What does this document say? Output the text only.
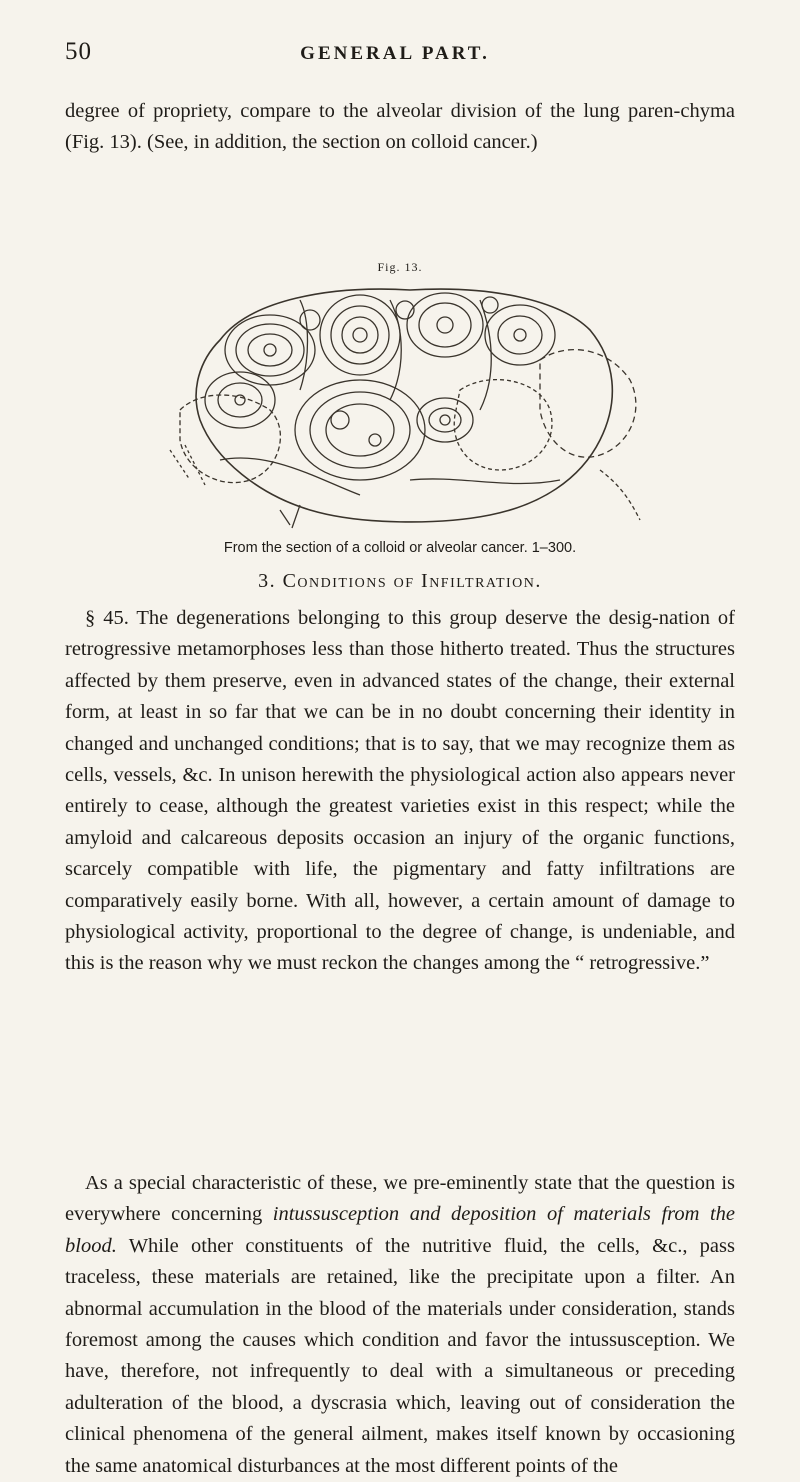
50	GENERAL PART.

degree of propriety, compare to the alveolar division of the lung paren-chyma (Fig. 13). (See, in addition, the section on colloid cancer.)

Fig. 13.
From the section of a colloid or alveolar cancer. 1–300.
3. Conditions of Infiltration.

§ 45. The degenerations belonging to this group deserve the desig-nation of retrogressive metamorphoses less than those hitherto treated. Thus the structures affected by them preserve, even in advanced states of the change, their external form, at least in so far that we can be in no doubt concerning their identity in changed and unchanged conditions; that is to say, that we may recognize them as cells, vessels, &c. In unison herewith the physiological action also appears never entirely to cease, although the greatest varieties exist in this respect; while the amyloid and calcareous deposits occasion an injury of the organic functions, scarcely compatible with life, the pigmentary and fatty infiltrations are comparatively easily borne. With all, however, a certain amount of damage to physiological activity, proportional to the degree of change, is undeniable, and this is the reason why we must reckon the changes among the “ retrogressive.”

As a special characteristic of these, we pre-eminently state that the question is everywhere concerning intussusception and deposition of materials from the blood. While other constituents of the nutritive fluid, the cells, &c., pass traceless, these materials are retained, like the precipitate upon a filter. An abnormal accumulation in the blood of the materials under consideration, stands foremost among the causes which condition and favor the intussusception. We have, therefore, not infrequently to deal with a simultaneous or preceding adulteration of the blood, a dyscrasia which, leaving out of consideration the clinical phenomena of the general ailment, makes itself known by occasioning the same anatomical disturbances at the most different points of the
